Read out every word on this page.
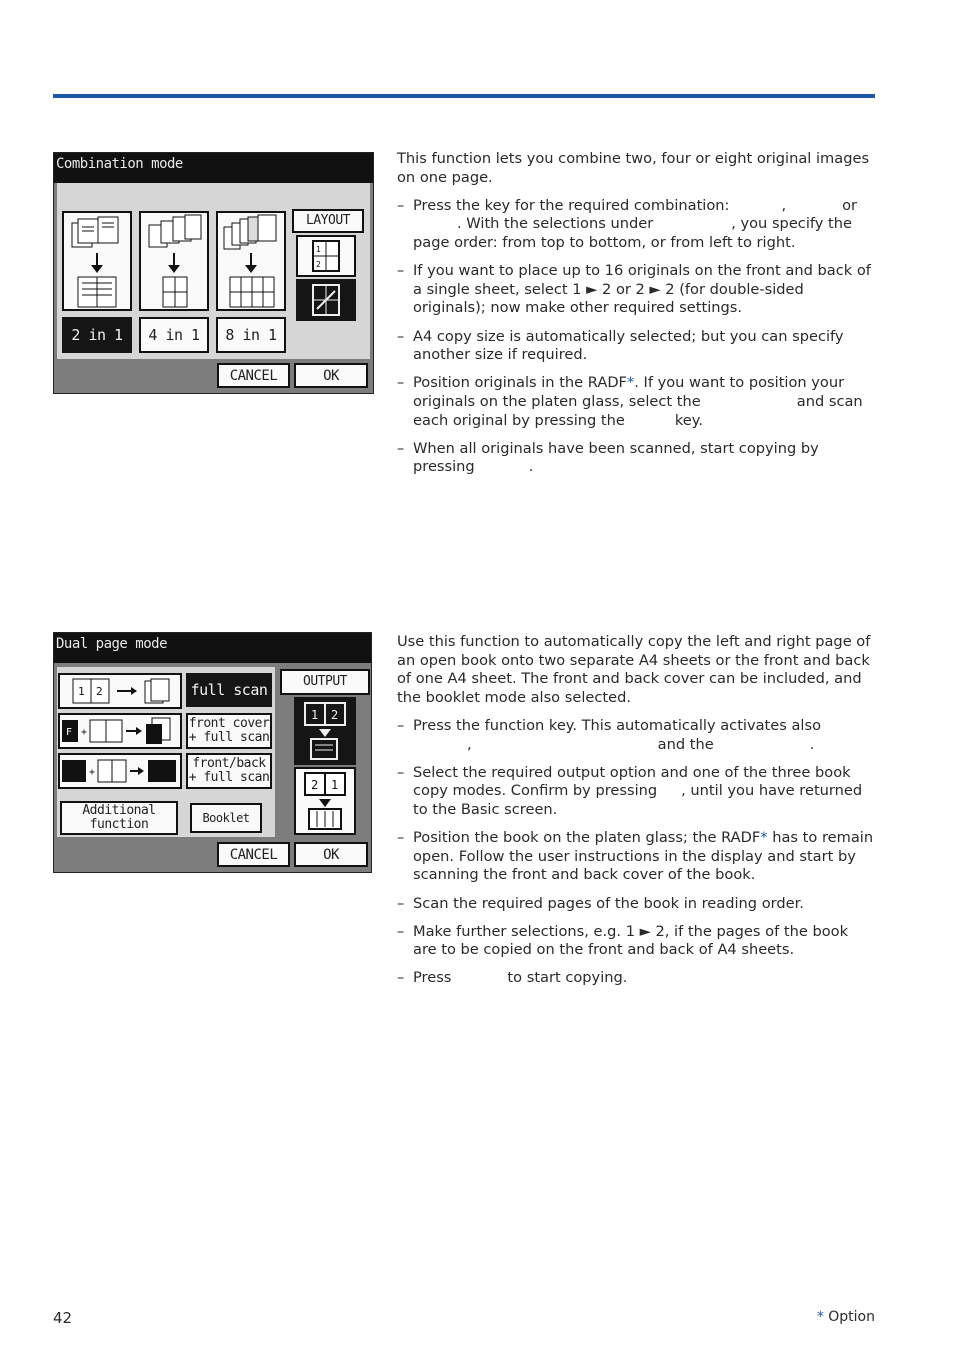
Combination mode
2 in 1	4 in 1	8 in 1
LAYOUT
1
2
CANCEL	OK

This function lets you combine two, four or eight original images on one page.

– Press the key for the required combination:	,	or
. With the selections under	, you specify the page order: from top to bottom, or from left to right.
– If you want to place up to 16 originals on the front and back of a single sheet, select 1 ► 2 or 2 ► 2 (for double-sided originals); now make other required settings.
– A4 copy size is automatically selected; but you can specify another size if required.
– Position originals in the RADF*. If you want to position your originals on the platen glass, select the	and scan each original by pressing the	key.
– When all originals have been scanned, start copying by pressing	.
Dual page mode
1 2	full scan
F +
front cover
+ full scan
+
front/back
+ full scan
Additional
function	Booklet
OUTPUT
1 2
2 1
CANCEL	OK

Use this function to automatically copy the left and right page of an open book onto two separate A4 sheets or the front and back of one A4 sheet. The front and back cover can be included, and the booklet mode also selected.

– Press the function key. This automatically activates also
,	and the	.
– Select the required output option and one of the three book copy modes. Confirm by pressing , until you have returned to the Basic screen.
– Position the book on the platen glass; the RADF* has to remain open. Follow the user instructions in the display and start by scanning the front and back cover of the book.
– Scan the required pages of the book in reading order.
– Make further selections, e.g. 1 ► 2, if the pages of the book are to be copied on the front and back of A4 sheets.
– Press	to start copying.
42	* Option
